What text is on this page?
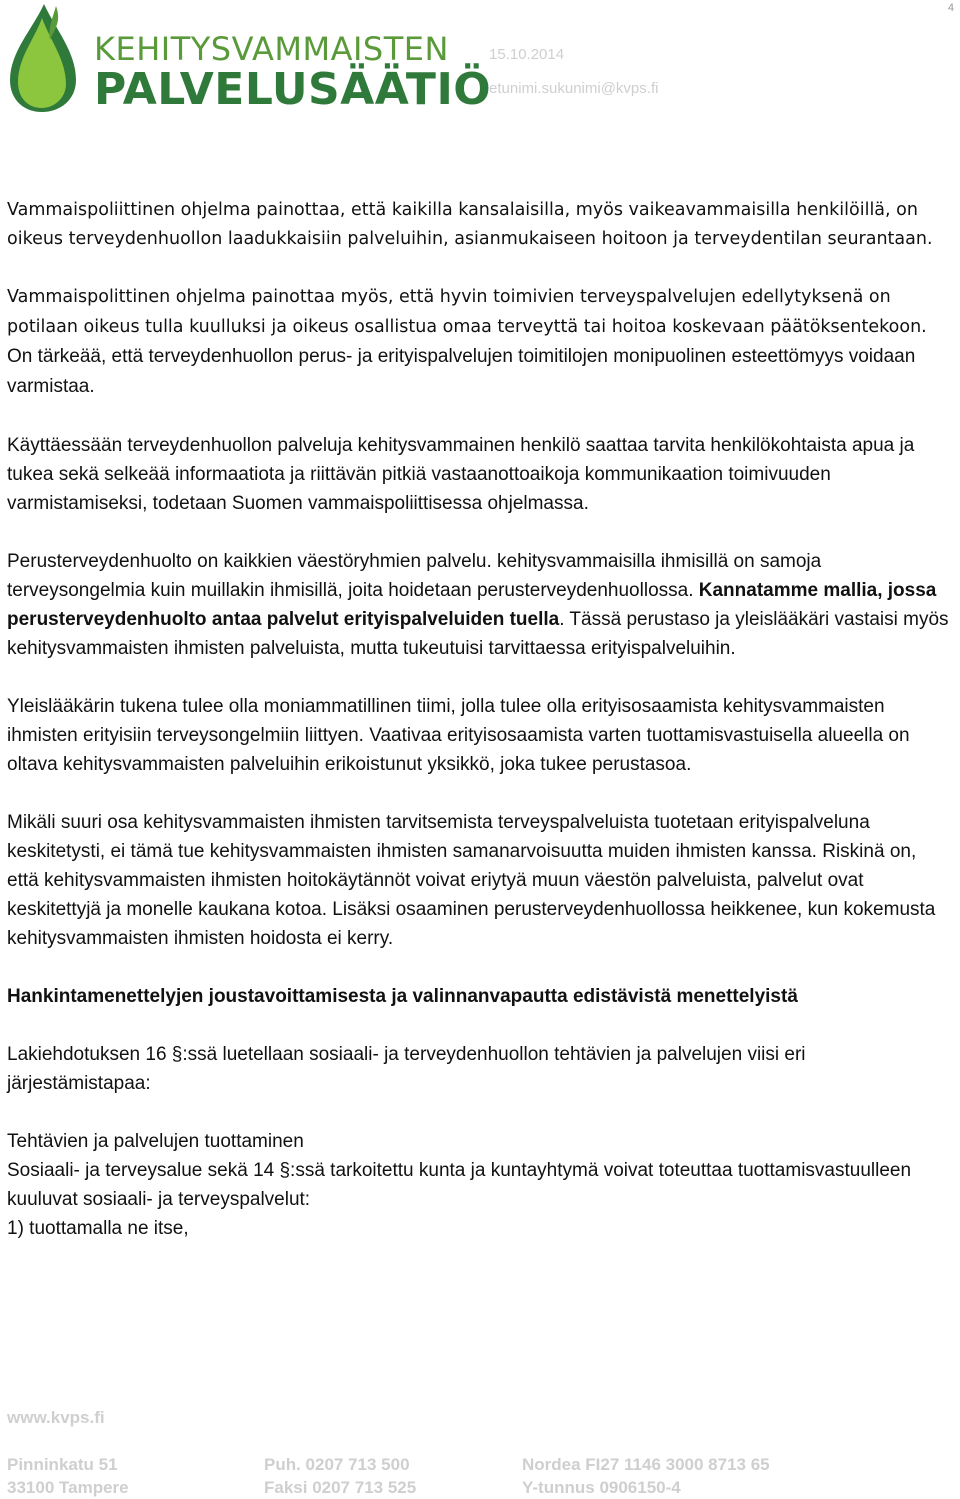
4
KEHITYSVAMMAISTEN
PALVELUSÄÄTIÖ
15.10.2014
etunimi.sukunimi@kvps.fi

Vammaispoliittinen ohjelma painottaa, että kaikilla kansalaisilla, myös vaikeavammaisilla henkilöillä, on oikeus terveydenhuollon laadukkaisiin palveluihin, asianmukaiseen hoitoon ja terveydentilan seurantaan.

Vammaispolittinen ohjelma painottaa myös, että hyvin toimivien terveyspalvelujen edellytyksenä on potilaan oikeus tulla kuulluksi ja oikeus osallistua omaa terveyttä tai hoitoa koskevaan päätöksentekoon. On tärkeää, että terveydenhuollon perus- ja erityispalvelujen toimitilojen monipuolinen esteettömyys voidaan varmistaa.

Käyttäessään terveydenhuollon palveluja kehitysvammainen henkilö saattaa tarvita henkilökohtaista apua ja tukea sekä selkeää informaatiota ja riittävän pitkiä vastaanottoaikoja kommunikaation toimivuuden varmistamiseksi, todetaan Suomen vammaispoliittisessa ohjelmassa.

Perusterveydenhuolto on kaikkien väestöryhmien palvelu. kehitysvammaisilla ihmisillä on samoja terveysongelmia kuin muillakin ihmisillä, joita hoidetaan perusterveydenhuollossa. Kannatamme mallia, jossa perusterveydenhuolto antaa palvelut erityispalveluiden tuella. Tässä perustaso ja yleislääkäri vastaisi myös kehitysvammaisten ihmisten palveluista, mutta tukeutuisi tarvittaessa erityispalveluihin.

Yleislääkärin tukena tulee olla moniammatillinen tiimi, jolla tulee olla erityisosaamista kehitysvammaisten ihmisten erityisiin terveysongelmiin liittyen. Vaativaa erityisosaamista varten tuottamisvastuisella alueella on oltava kehitysvammaisten palveluihin erikoistunut yksikkö, joka tukee perustasoa.

Mikäli suuri osa kehitysvammaisten ihmisten tarvitsemista terveyspalveluista tuotetaan erityispalveluna keskitetysti, ei tämä tue kehitysvammaisten ihmisten samanarvoisuutta muiden ihmisten kanssa. Riskinä on, että kehitysvammaisten ihmisten hoitokäytännöt voivat eriytyä muun väestön palveluista, palvelut ovat keskitettyjä ja monelle kaukana kotoa. Lisäksi osaaminen perusterveydenhuollossa heikkenee, kun kokemusta kehitysvammaisten ihmisten hoidosta ei kerry.

Hankintamenettelyjen joustavoittamisesta ja valinnanvapautta edistävistä menettelyistä

Lakiehdotuksen 16 §:ssä luetellaan sosiaali- ja terveydenhuollon tehtävien ja palvelujen viisi eri järjestämistapaa:

Tehtävien ja palvelujen tuottaminen
Sosiaali- ja terveysalue sekä 14 §:ssä tarkoitettu kunta ja kuntayhtymä voivat toteuttaa tuottamisvastuulleen kuuluvat sosiaali- ja terveyspalvelut:
1) tuottamalla ne itse,
www.kvps.fi
Pinninkatu 51
33100 Tampere
Puh. 0207 713 500
Faksi 0207 713 525
Nordea FI27 1146 3000 8713 65
Y-tunnus 0906150-4
